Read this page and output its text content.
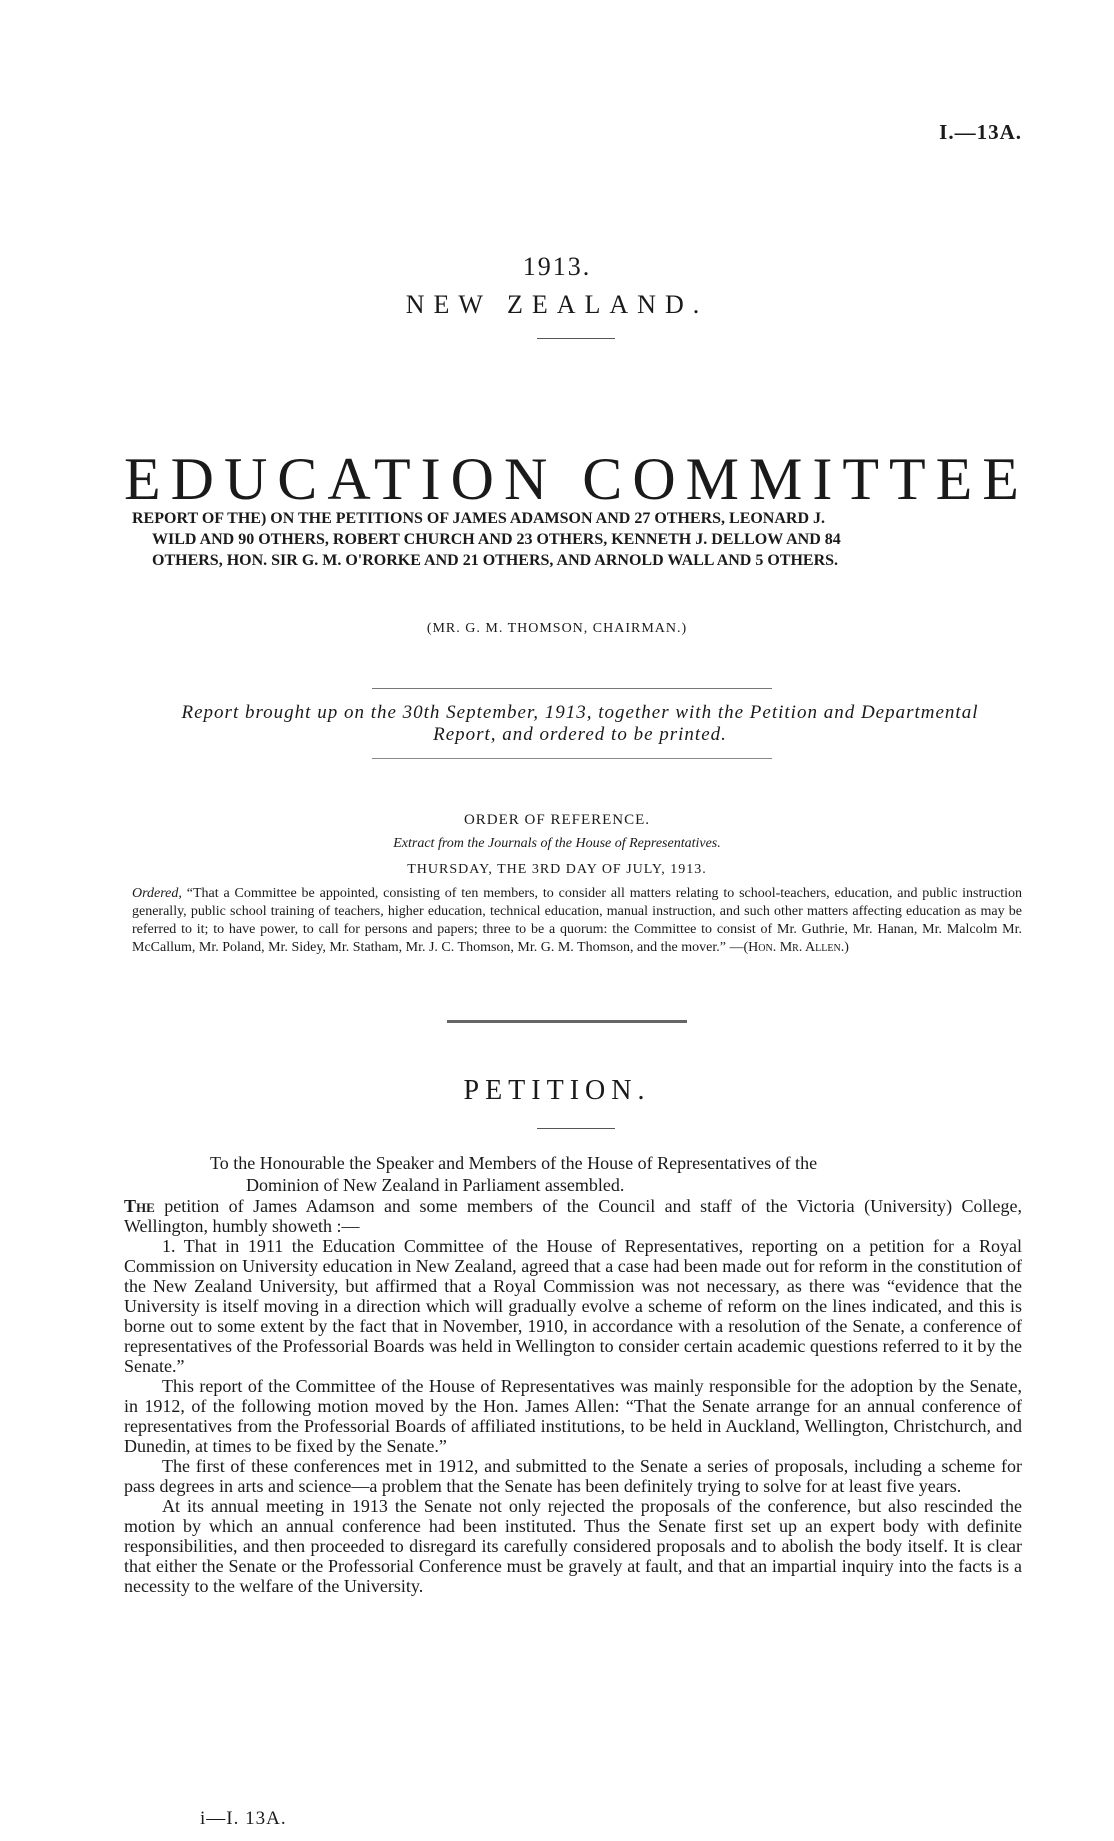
I.—13A.
1913.
NEW ZEALAND.
EDUCATION COMMITTEE
REPORT OF THE) ON THE PETITIONS OF JAMES ADAMSON AND 27 OTHERS, LEONARD J.
WILD AND 90 OTHERS, ROBERT CHURCH AND 23 OTHERS, KENNETH J. DELLOW AND 84
OTHERS, HON. SIR G. M. O'RORKE AND 21 OTHERS, AND ARNOLD WALL AND 5 OTHERS.
(MR. G. M. THOMSON, CHAIRMAN.)
Report brought up on the 30th September, 1913, together with the Petition and Departmental
Report, and ordered to be printed.
ORDER OF REFERENCE.
Extract from the Journals of the House of Representatives.
THURSDAY, THE 3RD DAY OF JULY, 1913.
Ordered, “That a Committee be appointed, consisting of ten members, to consider all matters relating to school-teachers, education, and public instruction generally, public school training of teachers, higher education, technical education, manual instruction, and such other matters affecting education as may be referred to it; to have power, to call for persons and papers; three to be a quorum: the Committee to consist of Mr. Guthrie, Mr. Hanan, Mr. Malcolm Mr. McCallum, Mr. Poland, Mr. Sidey, Mr. Statham, Mr. J. C. Thomson, Mr. G. M. Thomson, and the mover.” —(Hon. Mr. Allen.)
PETITION.
To the Honourable the Speaker and Members of the House of Representatives of the
Dominion of New Zealand in Parliament assembled.

The petition of James Adamson and some members of the Council and staff of the Victoria (University) College, Wellington, humbly showeth :—

1. That in 1911 the Education Committee of the House of Representatives, reporting on a petition for a Royal Commission on University education in New Zealand, agreed that a case had been made out for reform in the constitution of the New Zealand University, but affirmed that a Royal Commission was not necessary, as there was “evidence that the University is itself moving in a direction which will gradually evolve a scheme of reform on the lines indicated, and this is borne out to some extent by the fact that in November, 1910, in accordance with a resolution of the Senate, a conference of representatives of the Professorial Boards was held in Wellington to consider certain academic questions referred to it by the Senate.”

This report of the Committee of the House of Representatives was mainly responsible for the adoption by the Senate, in 1912, of the following motion moved by the Hon. James Allen: “That the Senate arrange for an annual conference of representatives from the Professorial Boards of affiliated institutions, to be held in Auckland, Wellington, Christchurch, and Dunedin, at times to be fixed by the Senate.”

The first of these conferences met in 1912, and submitted to the Senate a series of proposals, including a scheme for pass degrees in arts and science—a problem that the Senate has been definitely trying to solve for at least five years.

At its annual meeting in 1913 the Senate not only rejected the proposals of the conference, but also rescinded the motion by which an annual conference had been instituted. Thus the Senate first set up an expert body with definite responsibilities, and then proceeded to disregard its carefully considered proposals and to abolish the body itself. It is clear that either the Senate or the Professorial Conference must be gravely at fault, and that an impartial inquiry into the facts is a necessity to the welfare of the University.

i—I. 13A.
